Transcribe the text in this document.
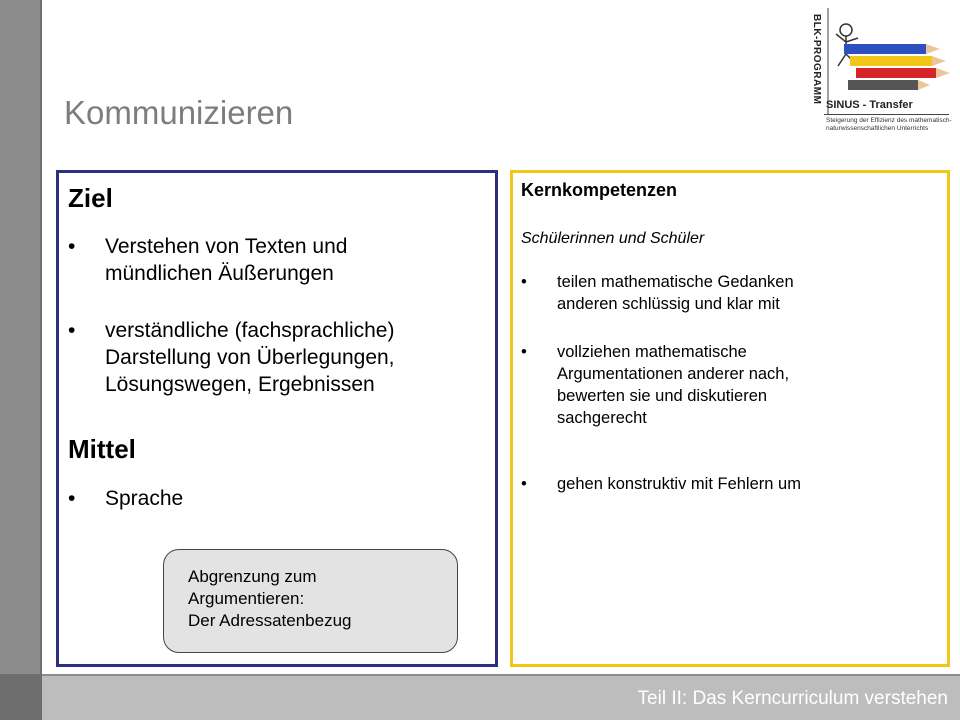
Kommunizieren
BLK-PROGRAMM
SINUS - Transfer
Steigerung der Effizienz des mathematisch-naturwissenschaftlichen Unterrichts
Ziel
• Verstehen von Texten und
mündlichen Äußerungen
• verständliche (fachsprachliche)
Darstellung von Überlegungen,
Lösungswegen, Ergebnissen
Mittel
• Sprache
Abgrenzung zum
Argumentieren:
Der Adressatenbezug
Kernkompetenzen
Schülerinnen und Schüler
• teilen mathematische Gedanken
anderen schlüssig und klar mit
• vollziehen mathematische
Argumentationen anderer nach,
bewerten sie und diskutieren
sachgerecht
• gehen konstruktiv mit Fehlern um
Teil II: Das Kerncurriculum verstehen
